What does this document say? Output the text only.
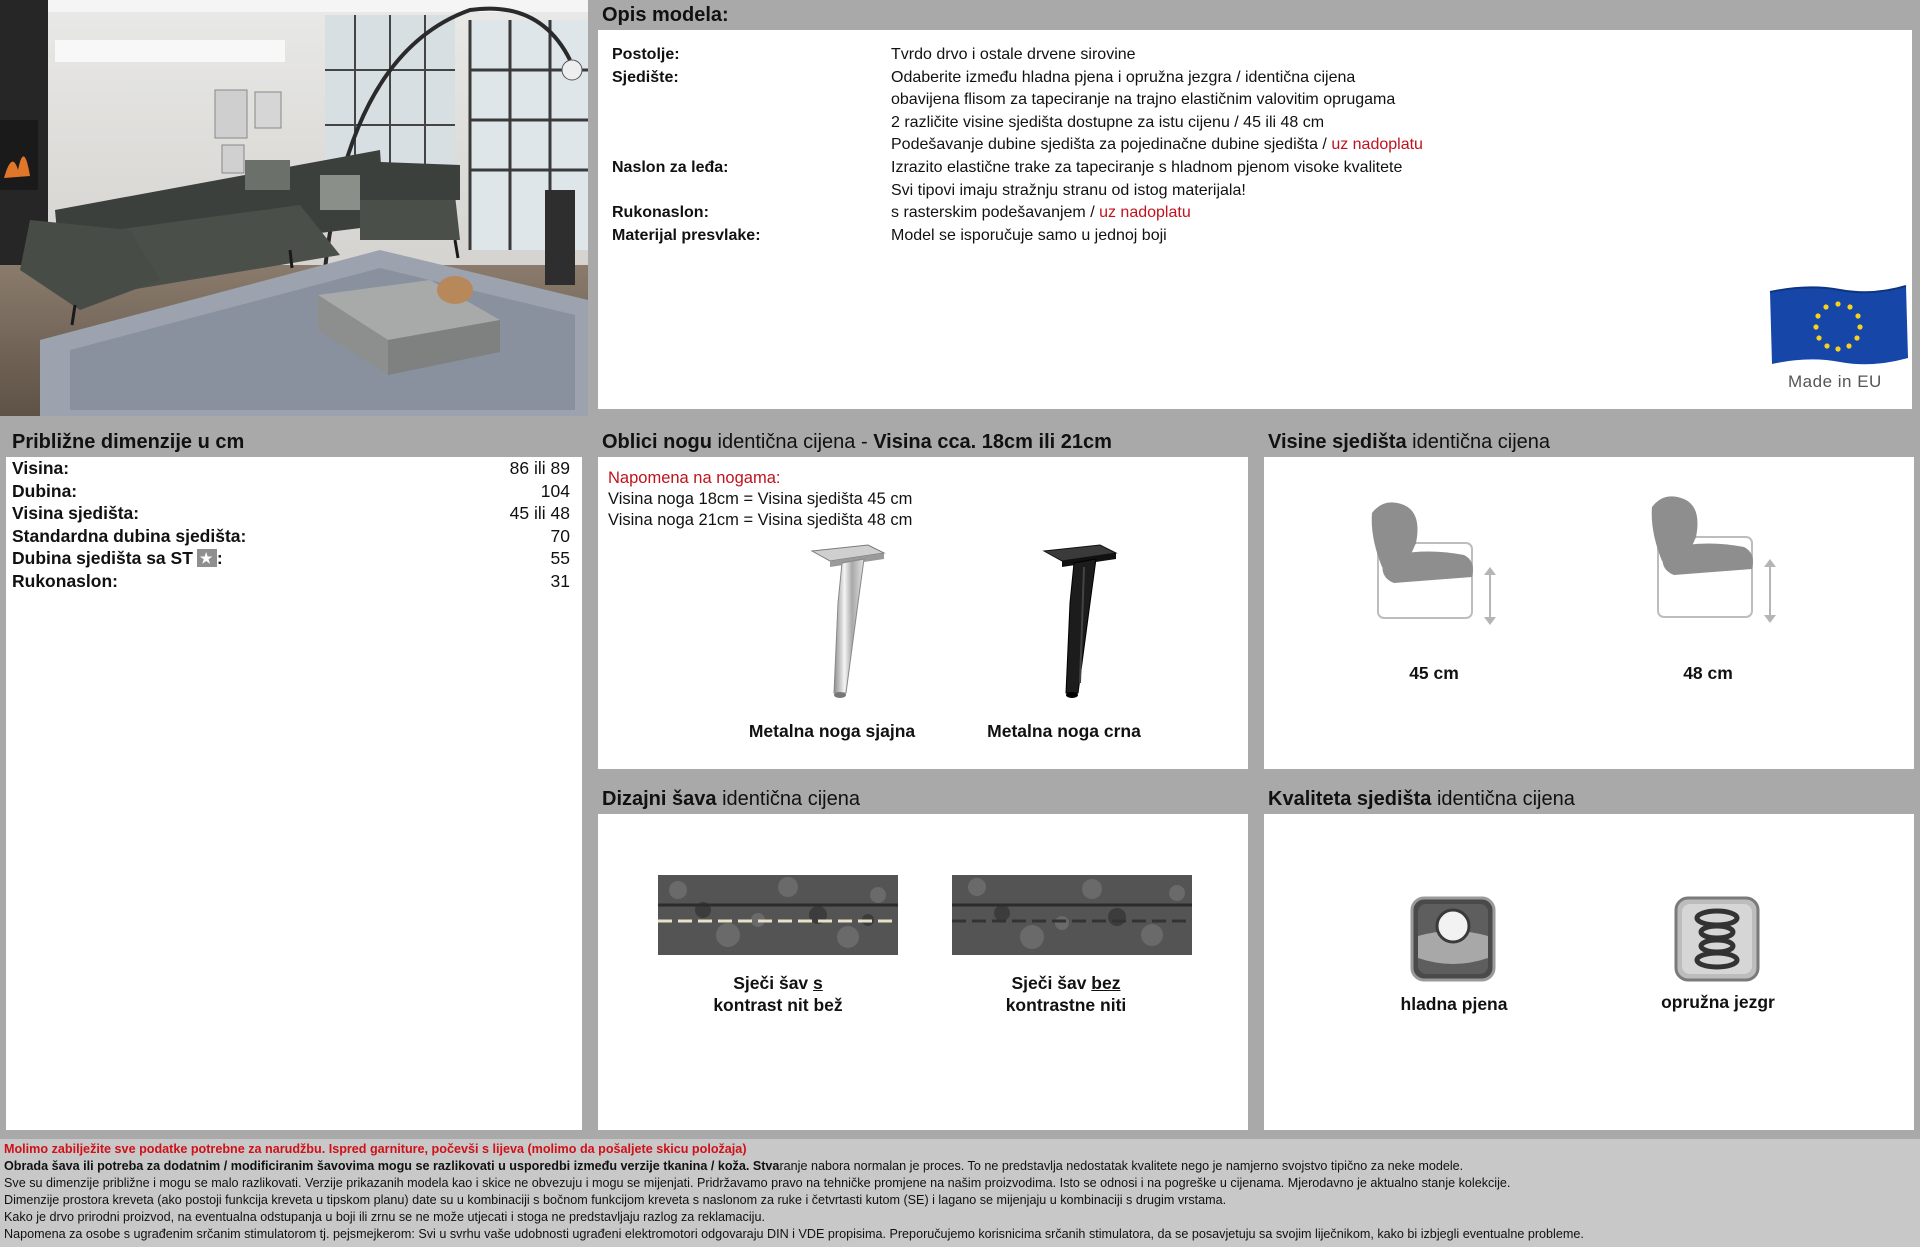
Opis modela:
Postolje:	Tvrdo drvo i ostale drvene sirovine
Sjedište:	Odaberite između hladna pjena i opružna jezgra / identična cijena
obavijena flisom za tapeciranje na trajno elastičnim valovitim oprugama
2 različite visine sjedišta dostupne za istu cijenu / 45 ili 48 cm
Podešavanje dubine sjedišta za pojedinačne dubine sjedišta / uz nadoplatu
Naslon za leđa:	Izrazito elastične trake za tapeciranje s hladnom pjenom visoke kvalitete
Svi tipovi imaju stražnju stranu od istog materijala!
Rukonaslon:	s rasterskim podešavanjem / uz nadoplatu
Materijal presvlake:	Model se isporučuje samo u jednoj boji
Made in EU
Približne dimenzije u cm
Visina:	86 ili 89
Dubina:	104
Visina sjedišta:	45 ili 48
Standardna dubina sjedišta:	70
Dubina sjedišta sa ST ★ :	55
Rukonaslon:	31
Oblici nogu identična cijena - Visina cca. 18cm ili 21cm
Napomena na nogama:
Visina noga 18cm = Visina sjedišta 45 cm
Visina noga 21cm = Visina sjedišta 48 cm
Metalna noga sjajna	Metalna noga crna
Visine sjedišta identična cijena
45 cm	48 cm
Dizajni šava identična cijena
Sječi šav s
kontrast nit bež
Sječi šav bez
kontrastne niti
Kvaliteta sjedišta identična cijena
hladna pjena	opružna jezgr
Molimo zabilježite sve podatke potrebne za narudžbu. Ispred garniture, počevši s lijeva (molimo da pošaljete skicu položaja)
Obrada šava ili potreba za dodatnim / modificiranim šavovima mogu se razlikovati u usporedbi između verzije tkanina / koža. Stvaranje nabora normalan je proces. To ne predstavlja nedostatak kvalitete nego je namjerno svojstvo tipično za neke modele.
Sve su dimenzije približne i mogu se malo razlikovati. Verzije prikazanih modela kao i skice ne obvezuju i mogu se mijenjati. Pridržavamo pravo na tehničke promjene na našim proizvodima. Isto se odnosi i na pogreške u cijenama. Mjerodavno je aktualno stanje kolekcije.
Dimenzije prostora kreveta (ako postoji funkcija kreveta u tipskom planu) date su u kombinaciji s bočnom funkcijom kreveta s naslonom za ruke i četvrtasti kutom (SE) i lagano se mijenjaju u kombinaciji s drugim vrstama.
Kako je drvo prirodni proizvod, na eventualna odstupanja u boji ili zrnu se ne može utjecati i stoga ne predstavljaju razlog za reklamaciju.
Napomena za osobe s ugrađenim srčanim stimulatorom tj. pejsmejkerom: Svi u svrhu vaše udobnosti ugrađeni elektromotori odgovaraju DIN i VDE propisima. Preporučujemo korisnicima srčanih stimulatora, da se posavjetuju sa svojim liječnikom, kako bi izbjegli eventualne probleme.
